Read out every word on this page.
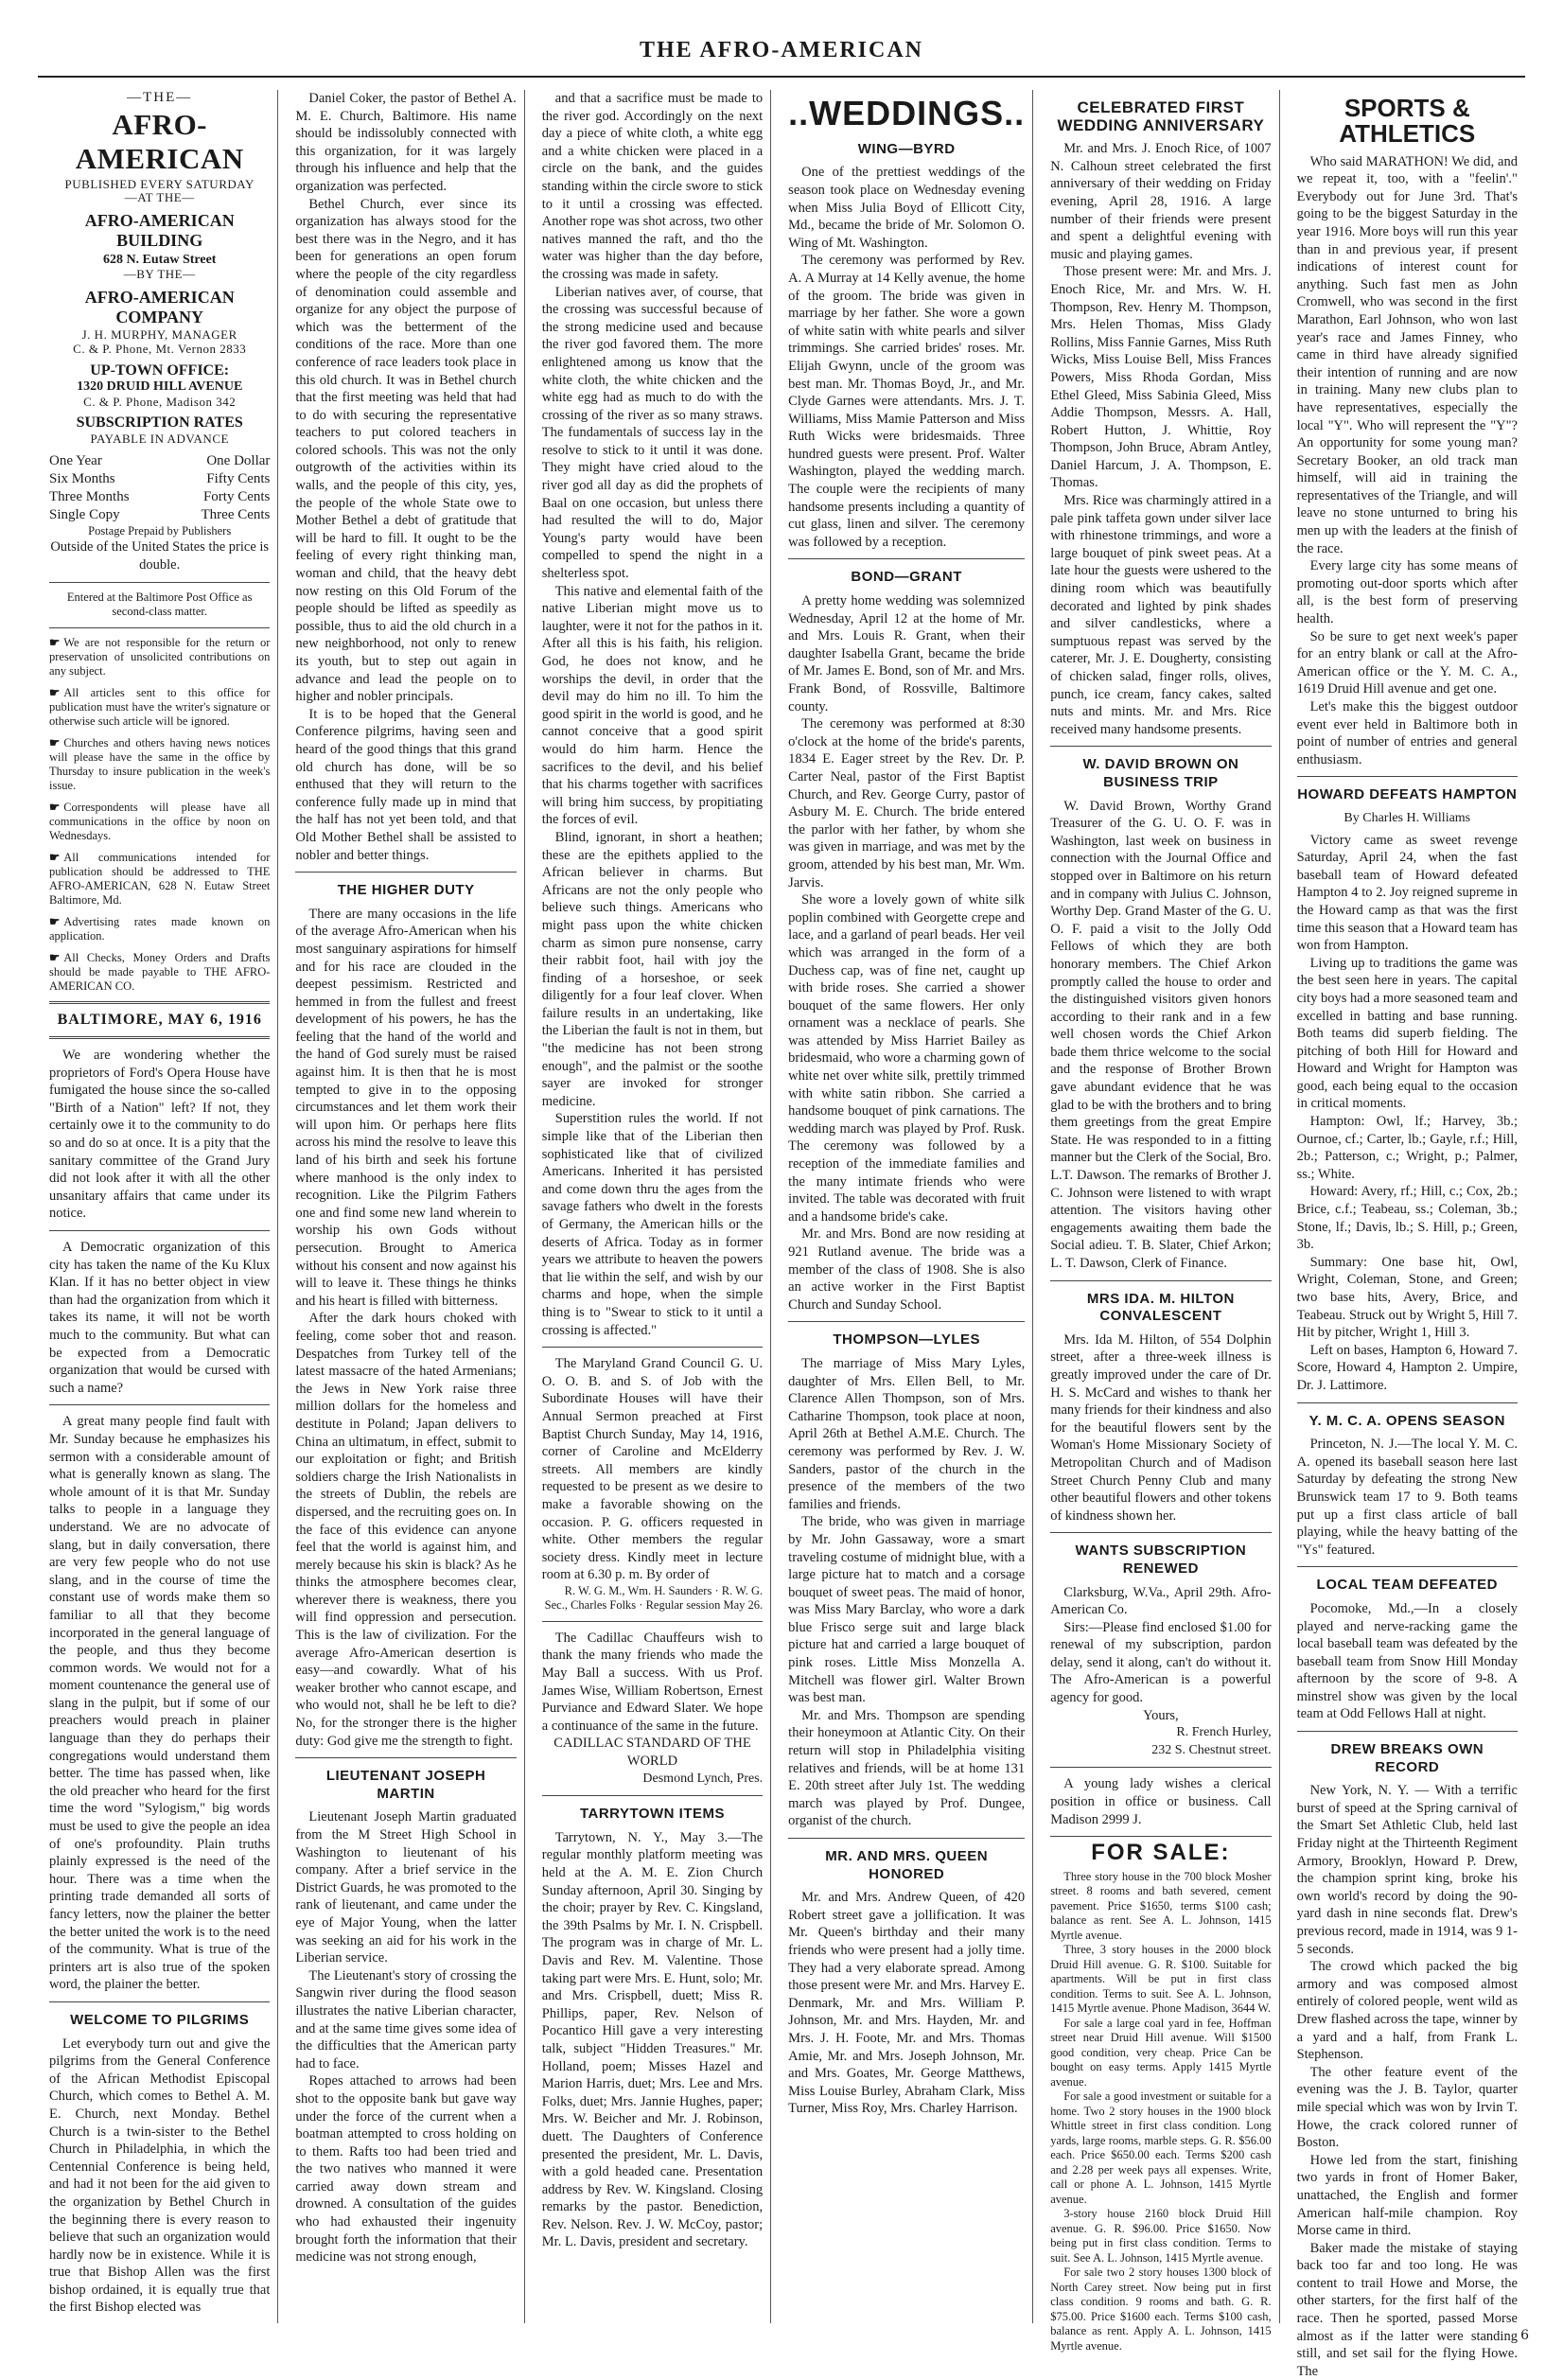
THE AFRO-AMERICAN
—THE—
AFRO-AMERICAN
PUBLISHED EVERY SATURDAY
—AT THE—
AFRO-AMERICAN BUILDING
628 N. Eutaw Street
—BY THE—
AFRO-AMERICAN COMPANY
J. H. MURPHY, MANAGER
C. & P. Phone, Mt. Vernon 2833
UP-TOWN OFFICE:
1320 DRUID HILL AVENUE
C. & P. Phone, Madison 342
SUBSCRIPTION RATES
PAYABLE IN ADVANCE
One Year	One Dollar
Six Months	Fifty Cents
Three Months	Forty Cents
Single Copy	Three Cents

Postage Prepaid by Publishers

Outside of the United States the price is double.

Entered at the Baltimore Post Office as second-class matter.

☛ We are not responsible for the return or preservation of unsolicited contributions on any subject.

☛ All articles sent to this office for publication must have the writer's signature or otherwise such article will be ignored.

☛ Churches and others having news notices will please have the same in the office by Thursday to insure publication in the week's issue.

☛ Correspondents will please have all communications in the office by noon on Wednesdays.

☛ All communications intended for publication should be addressed to THE AFRO-AMERICAN, 628 N. Eutaw Street Baltimore, Md.

☛ Advertising rates made known on application.

☛ All Checks, Money Orders and Drafts should be made payable to THE AFRO-AMERICAN CO.

BALTIMORE, MAY 6, 1916

We are wondering whether the proprietors of Ford's Opera House have fumigated the house since the so-called "Birth of a Nation" left? If not, they certainly owe it to the community to do so and do so at once. It is a pity that the sanitary committee of the Grand Jury did not look after it with all the other unsanitary affairs that came under its notice.

A Democratic organization of this city has taken the name of the Ku Klux Klan. If it has no better object in view than had the organization from which it takes its name, it will not be worth much to the community. But what can be expected from a Democratic organization that would be cursed with such a name?

A great many people find fault with Mr. Sunday because he emphasizes his sermon with a considerable amount of what is generally known as slang. The whole amount of it is that Mr. Sunday talks to people in a language they understand. We are no advocate of slang, but in daily conversation, there are very few people who do not use slang, and in the course of time the constant use of words make them so familiar to all that they become incorporated in the general language of the people, and thus they become common words. We would not for a moment countenance the general use of slang in the pulpit, but if some of our preachers would preach in plainer language than they do perhaps their congregations would understand them better. The time has passed when, like the old preacher who heard for the first time the word "Sylogism," big words must be used to give the people an idea of one's profoundity. Plain truths plainly expressed is the need of the hour. There was a time when the printing trade demanded all sorts of fancy letters, now the plainer the better the better united the work is to the need of the community. What is true of the printers art is also true of the spoken word, the plainer the better.

WELCOME TO PILGRIMS

Let everybody turn out and give the pilgrims from the General Conference of the African Methodist Episcopal Church, which comes to Bethel A. M. E. Church, next Monday. Bethel Church is a twin-sister to the Bethel Church in Philadelphia, in which the Centennial Conference is being held, and had it not been for the aid given to the organization by Bethel Church in the beginning there is every reason to believe that such an organization would hardly now be in existence. While it is true that Bishop Allen was the first bishop ordained, it is equally true that the first Bishop elected was

Daniel Coker, the pastor of Bethel A. M. E. Church, Baltimore. His name should be indissolubly connected with this organization, for it was largely through his influence and help that the organization was perfected.

Bethel Church, ever since its organization has always stood for the best there was in the Negro, and it has been for generations an open forum where the people of the city regardless of denomination could assemble and organize for any object the purpose of which was the betterment of the conditions of the race. More than one conference of race leaders took place in this old church. It was in Bethel church that the first meeting was held that had to do with securing the representative teachers to put colored teachers in colored schools. This was not the only outgrowth of the activities within its walls, and the people of this city, yes, the people of the whole State owe to Mother Bethel a debt of gratitude that will be hard to fill. It ought to be the feeling of every right thinking man, woman and child, that the heavy debt now resting on this Old Forum of the people should be lifted as speedily as possible, thus to aid the old church in a new neighborhood, not only to renew its youth, but to step out again in advance and lead the people on to higher and nobler principals.

It is to be hoped that the General Conference pilgrims, having seen and heard of the good things that this grand old church has done, will be so enthused that they will return to the conference fully made up in mind that the half has not yet been told, and that Old Mother Bethel shall be assisted to nobler and better things.

THE HIGHER DUTY

There are many occasions in the life of the average Afro-American when his most sanguinary aspirations for himself and for his race are clouded in the deepest pessimism. Restricted and hemmed in from the fullest and freest development of his powers, he has the feeling that the hand of the world and the hand of God surely must be raised against him. It is then that he is most tempted to give in to the opposing circumstances and let them work their will upon him. Or perhaps here flits across his mind the resolve to leave this land of his birth and seek his fortune where manhood is the only index to recognition. Like the Pilgrim Fathers one and find some new land wherein to worship his own Gods without persecution. Brought to America without his consent and now against his will to leave it. These things he thinks and his heart is filled with bitterness.

After the dark hours choked with feeling, come sober thot and reason. Despatches from Turkey tell of the latest massacre of the hated Armenians; the Jews in New York raise three million dollars for the homeless and destitute in Poland; Japan delivers to China an ultimatum, in effect, submit to our exploitation or fight; and British soldiers charge the Irish Nationalists in the streets of Dublin, the rebels are dispersed, and the recruiting goes on. In the face of this evidence can anyone feel that the world is against him, and merely because his skin is black? As he thinks the atmosphere becomes clear, wherever there is weakness, there you will find oppression and persecution. This is the law of civilization. For the average Afro-American desertion is easy—and cowardly. What of his weaker brother who cannot escape, and who would not, shall he be left to die? No, for the stronger there is the higher duty: God give me the strength to fight.

LIEUTENANT JOSEPH MARTIN

Lieutenant Joseph Martin graduated from the M Street High School in Washington to lieutenant of his company. After a brief service in the District Guards, he was promoted to the rank of lieutenant, and came under the eye of Major Young, when the latter was seeking an aid for his work in the Liberian service.

The Lieutenant's story of crossing the Sangwin river during the flood season illustrates the native Liberian character, and at the same time gives some idea of the difficulties that the American party had to face.

Ropes attached to arrows had been shot to the opposite bank but gave way under the force of the current when a boatman attempted to cross holding on to them. Rafts too had been tried and the two natives who manned it were carried away down stream and drowned. A consultation of the guides who had exhausted their ingenuity brought forth the information that their medicine was not strong enough,

and that a sacrifice must be made to the river god. Accordingly on the next day a piece of white cloth, a white egg and a white chicken were placed in a circle on the bank, and the guides standing within the circle swore to stick to it until a crossing was effected. Another rope was shot across, two other natives manned the raft, and tho the water was higher than the day before, the crossing was made in safety.

Liberian natives aver, of course, that the crossing was successful because of the strong medicine used and because the river god favored them. The more enlightened among us know that the white cloth, the white chicken and the white egg had as much to do with the crossing of the river as so many straws. The fundamentals of success lay in the resolve to stick to it until it was done. They might have cried aloud to the river god all day as did the prophets of Baal on one occasion, but unless there had resulted the will to do, Major Young's party would have been compelled to spend the night in a shelterless spot.

This native and elemental faith of the native Liberian might move us to laughter, were it not for the pathos in it. After all this is his faith, his religion. God, he does not know, and he worships the devil, in order that the devil may do him no ill. To him the good spirit in the world is good, and he cannot conceive that a good spirit would do him harm. Hence the sacrifices to the devil, and his belief that his charms together with sacrifices will bring him success, by propitiating the forces of evil.

Blind, ignorant, in short a heathen; these are the epithets applied to the African believer in charms. But Africans are not the only people who believe such things. Americans who might pass upon the white chicken charm as simon pure nonsense, carry their rabbit foot, hail with joy the finding of a horseshoe, or seek diligently for a four leaf clover. When failure results in an undertaking, like the Liberian the fault is not in them, but "the medicine has not been strong enough", and the palmist or the soothe sayer are invoked for stronger medicine.

Superstition rules the world. If not simple like that of the Liberian then sophisticated like that of civilized Americans. Inherited it has persisted and come down thru the ages from the savage fathers who dwelt in the forests of Germany, the American hills or the deserts of Africa. Today as in former years we attribute to heaven the powers that lie within the self, and wish by our charms and hope, when the simple thing is to "Swear to stick to it until a crossing is affected."

The Maryland Grand Council G. U. O. O. B. and S. of Job with the Subordinate Houses will have their Annual Sermon preached at First Baptist Church Sunday, May 14, 1916, corner of Caroline and McElderry streets. All members are kindly requested to be present as we desire to make a favorable showing on the occasion. P. G. officers requested in white. Other members the regular society dress. Kindly meet in lecture room at 6.30 p. m. By order of

R. W. G. M., Wm. H. Saunders · R. W. G. Sec., Charles Folks · Regular session May 26.

The Cadillac Chauffeurs wish to thank the many friends who made the May Ball a success. With us Prof. James Wise, William Robertson, Ernest Purviance and Edward Slater. We hope a continuance of the same in the future.

CADILLAC STANDARD OF THE WORLD

Desmond Lynch, Pres.

TARRYTOWN ITEMS

Tarrytown, N. Y., May 3.—The regular monthly platform meeting was held at the A. M. E. Zion Church Sunday afternoon, April 30. Singing by the choir; prayer by Rev. C. Kingsland, the 39th Psalms by Mr. I. N. Crispbell. The program was in charge of Mr. L. Davis and Rev. M. Valentine. Those taking part were Mrs. E. Hunt, solo; Mr. and Mrs. Crispbell, duett; Miss R. Phillips, paper, Rev. Nelson of Pocantico Hill gave a very interesting talk, subject "Hidden Treasures." Mr. Holland, poem; Misses Hazel and Marion Harris, duet; Mrs. Lee and Mrs. Folks, duet; Mrs. Jannie Hughes, paper; Mrs. W. Beicher and Mr. J. Robinson, duett. The Daughters of Conference presented the president, Mr. L. Davis, with a gold headed cane. Presentation address by Rev. W. Kingsland. Closing remarks by the pastor. Benediction, Rev. Nelson. Rev. J. W. McCoy, pastor; Mr. L. Davis, president and secretary.

..WEDDINGS..
WING—BYRD

One of the prettiest weddings of the season took place on Wednesday evening when Miss Julia Boyd of Ellicott City, Md., became the bride of Mr. Solomon O. Wing of Mt. Washington.

The ceremony was performed by Rev. A. A Murray at 14 Kelly avenue, the home of the groom. The bride was given in marriage by her father. She wore a gown of white satin with white pearls and silver trimmings. She carried brides' roses. Mr. Elijah Gwynn, uncle of the groom was best man. Mr. Thomas Boyd, Jr., and Mr. Clyde Garnes were attendants. Mrs. J. T. Williams, Miss Mamie Patterson and Miss Ruth Wicks were bridesmaids. Three hundred guests were present. Prof. Walter Washington, played the wedding march. The couple were the recipients of many handsome presents including a quantity of cut glass, linen and silver. The ceremony was followed by a reception.

BOND—GRANT

A pretty home wedding was solemnized Wednesday, April 12 at the home of Mr. and Mrs. Louis R. Grant, when their daughter Isabella Grant, became the bride of Mr. James E. Bond, son of Mr. and Mrs. Frank Bond, of Rossville, Baltimore county.

The ceremony was performed at 8:30 o'clock at the home of the bride's parents, 1834 E. Eager street by the Rev. Dr. P. Carter Neal, pastor of the First Baptist Church, and Rev. George Curry, pastor of Asbury M. E. Church. The bride entered the parlor with her father, by whom she was given in marriage, and was met by the groom, attended by his best man, Mr. Wm. Jarvis.

She wore a lovely gown of white silk poplin combined with Georgette crepe and lace, and a garland of pearl beads. Her veil which was arranged in the form of a Duchess cap, was of fine net, caught up with bride roses. She carried a shower bouquet of the same flowers. Her only ornament was a necklace of pearls. She was attended by Miss Harriet Bailey as bridesmaid, who wore a charming gown of white net over white silk, prettily trimmed with white satin ribbon. She carried a handsome bouquet of pink carnations. The wedding march was played by Prof. Rusk. The ceremony was followed by a reception of the immediate families and the many intimate friends who were invited. The table was decorated with fruit and a handsome bride's cake.

Mr. and Mrs. Bond are now residing at 921 Rutland avenue. The bride was a member of the class of 1908. She is also an active worker in the First Baptist Church and Sunday School.

THOMPSON—LYLES

The marriage of Miss Mary Lyles, daughter of Mrs. Ellen Bell, to Mr. Clarence Allen Thompson, son of Mrs. Catharine Thompson, took place at noon, April 26th at Bethel A.M.E. Church. The ceremony was performed by Rev. J. W. Sanders, pastor of the church in the presence of the members of the two families and friends.

The bride, who was given in marriage by Mr. John Gassaway, wore a smart traveling costume of midnight blue, with a large picture hat to match and a corsage bouquet of sweet peas. The maid of honor, was Miss Mary Barclay, who wore a dark blue Frisco serge suit and large black picture hat and carried a large bouquet of pink roses. Little Miss Monzella A. Mitchell was flower girl. Walter Brown was best man.

Mr. and Mrs. Thompson are spending their honeymoon at Atlantic City. On their return will stop in Philadelphia visiting relatives and friends, will be at home 131 E. 20th street after July 1st. The wedding march was played by Prof. Dungee, organist of the church.

MR. AND MRS. QUEEN HONORED

Mr. and Mrs. Andrew Queen, of 420 Robert street gave a jollification. It was Mr. Queen's birthday and their many friends who were present had a jolly time. They had a very elaborate spread. Among those present were Mr. and Mrs. Harvey E. Denmark, Mr. and Mrs. William P. Johnson, Mr. and Mrs. Hayden, Mr. and Mrs. J. H. Foote, Mr. and Mrs. Thomas Amie, Mr. and Mrs. Joseph Johnson, Mr. and Mrs. Goates, Mr. George Matthews, Miss Louise Burley, Abraham Clark, Miss Turner, Miss Roy, Mrs. Charley Harrison.

CELEBRATED FIRST WEDDING ANNIVERSARY

Mr. and Mrs. J. Enoch Rice, of 1007 N. Calhoun street celebrated the first anniversary of their wedding on Friday evening, April 28, 1916. A large number of their friends were present and spent a delightful evening with music and playing games.

Those present were: Mr. and Mrs. J. Enoch Rice, Mr. and Mrs. W. H. Thompson, Rev. Henry M. Thompson, Mrs. Helen Thomas, Miss Glady Rollins, Miss Fannie Garnes, Miss Ruth Wicks, Miss Louise Bell, Miss Frances Powers, Miss Rhoda Gordan, Miss Ethel Gleed, Miss Sabinia Gleed, Miss Addie Thompson, Messrs. A. Hall, Robert Hutton, J. Whittie, Roy Thompson, John Bruce, Abram Antley, Daniel Harcum, J. A. Thompson, E. Thomas.

Mrs. Rice was charmingly attired in a pale pink taffeta gown under silver lace with rhinestone trimmings, and wore a large bouquet of pink sweet peas. At a late hour the guests were ushered to the dining room which was beautifully decorated and lighted by pink shades and silver candlesticks, where a sumptuous repast was served by the caterer, Mr. J. E. Dougherty, consisting of chicken salad, finger rolls, olives, punch, ice cream, fancy cakes, salted nuts and mints. Mr. and Mrs. Rice received many handsome presents.

W. DAVID BROWN ON BUSINESS TRIP

W. David Brown, Worthy Grand Treasurer of the G. U. O. F. was in Washington, last week on business in connection with the Journal Office and stopped over in Baltimore on his return and in company with Julius C. Johnson, Worthy Dep. Grand Master of the G. U. O. F. paid a visit to the Jolly Odd Fellows of which they are both honorary members. The Chief Arkon promptly called the house to order and the distinguished visitors given honors according to their rank and in a few well chosen words the Chief Arkon bade them thrice welcome to the social and the response of Brother Brown gave abundant evidence that he was glad to be with the brothers and to bring them greetings from the great Empire State. He was responded to in a fitting manner but the Clerk of the Social, Bro. L.T. Dawson. The remarks of Brother J. C. Johnson were listened to with wrapt attention. The visitors having other engagements awaiting them bade the Social adieu. T. B. Slater, Chief Arkon; L. T. Dawson, Clerk of Finance.

MRS IDA. M. HILTON CONVALESCENT

Mrs. Ida M. Hilton, of 554 Dolphin street, after a three-week illness is greatly improved under the care of Dr. H. S. McCard and wishes to thank her many friends for their kindness and also for the beautiful flowers sent by the Woman's Home Missionary Society of Metropolitan Church and of Madison Street Church Penny Club and many other beautiful flowers and other tokens of kindness shown her.

WANTS SUBSCRIPTION RENEWED

Clarksburg, W.Va., April 29th. Afro-American Co.

Sirs:—Please find enclosed $1.00 for renewal of my subscription, pardon delay, send it along, can't do without it. The Afro-American is a powerful agency for good.

Yours,

R. French Hurley,

232 S. Chestnut street.

A young lady wishes a clerical position in office or business. Call Madison 2999 J.

FOR SALE:

Three story house in the 700 block Mosher street. 8 rooms and bath severed, cement pavement. Price $1650, terms $100 cash; balance as rent. See A. L. Johnson, 1415 Myrtle avenue.

Three, 3 story houses in the 2000 block Druid Hill avenue. G. R. $100. Suitable for apartments. Will be put in first class condition. Terms to suit. See A. L. Johnson, 1415 Myrtle avenue. Phone Madison, 3644 W.

For sale a large coal yard in fee, Hoffman street near Druid Hill avenue. Will $1500 good condition, very cheap. Price Can be bought on easy terms. Apply 1415 Myrtle avenue.

For sale a good investment or suitable for a home. Two 2 story houses in the 1900 block Whittle street in first class condition. Long yards, large rooms, marble steps. G. R. $56.00 each. Price $650.00 each. Terms $200 cash and 2.28 per week pays all expenses. Write, call or phone A. L. Johnson, 1415 Myrtle avenue.

3-story house 2160 block Druid Hill avenue. G. R. $96.00. Price $1650. Now being put in first class condition. Terms to suit. See A. L. Johnson, 1415 Myrtle avenue.

For sale two 2 story houses 1300 block of North Carey street. Now being put in first class condition. 9 rooms and bath. G. R. $75.00. Price $1600 each. Terms $100 cash, balance as rent. Apply A. L. Johnson, 1415 Myrtle avenue.

SPORTS & ATHLETICS

Who said MARATHON! We did, and we repeat it, too, with a "feelin'." Everybody out for June 3rd. That's going to be the biggest Saturday in the year 1916. More boys will run this year than in and previous year, if present indications of interest count for anything. Such fast men as John Cromwell, who was second in the first Marathon, Earl Johnson, who won last year's race and James Finney, who came in third have already signified their intention of running and are now in training. Many new clubs plan to have representatives, especially the local "Y". Who will represent the "Y"? An opportunity for some young man? Secretary Booker, an old track man himself, will aid in training the representatives of the Triangle, and will leave no stone unturned to bring his men up with the leaders at the finish of the race.

Every large city has some means of promoting out-door sports which after all, is the best form of preserving health.

So be sure to get next week's paper for an entry blank or call at the Afro-American office or the Y. M. C. A., 1619 Druid Hill avenue and get one.

Let's make this the biggest outdoor event ever held in Baltimore both in point of number of entries and general enthusiasm.

HOWARD DEFEATS HAMPTON
By Charles H. Williams

Victory came as sweet revenge Saturday, April 24, when the fast baseball team of Howard defeated Hampton 4 to 2. Joy reigned supreme in the Howard camp as that was the first time this season that a Howard team has won from Hampton.

Living up to traditions the game was the best seen here in years. The capital city boys had a more seasoned team and excelled in batting and base running. Both teams did superb fielding. The pitching of both Hill for Howard and Howard and Wright for Hampton was good, each being equal to the occasion in critical moments.

Hampton: Owl, lf.; Harvey, 3b.; Ournoe, cf.; Carter, lb.; Gayle, r.f.; Hill, 2b.; Patterson, c.; Wright, p.; Palmer, ss.; White.

Howard: Avery, rf.; Hill, c.; Cox, 2b.; Brice, c.f.; Teabeau, ss.; Coleman, 3b.; Stone, lf.; Davis, lb.; S. Hill, p.; Green, 3b.

Summary: One base hit, Owl, Wright, Coleman, Stone, and Green; two base hits, Avery, Brice, and Teabeau. Struck out by Wright 5, Hill 7. Hit by pitcher, Wright 1, Hill 3.

Left on bases, Hampton 6, Howard 7. Score, Howard 4, Hampton 2. Umpire, Dr. J. Lattimore.

Y. M. C. A. OPENS SEASON

Princeton, N. J.—The local Y. M. C. A. opened its baseball season here last Saturday by defeating the strong New Brunswick team 17 to 9. Both teams put up a first class article of ball playing, while the heavy batting of the "Ys" featured.

LOCAL TEAM DEFEATED

Pocomoke, Md.,—In a closely played and nerve-racking game the local baseball team was defeated by the baseball team from Snow Hill Monday afternoon by the score of 9-8. A minstrel show was given by the local team at Odd Fellows Hall at night.

DREW BREAKS OWN RECORD

New York, N. Y. — With a terrific burst of speed at the Spring carnival of the Smart Set Athletic Club, held last Friday night at the Thirteenth Regiment Armory, Brooklyn, Howard P. Drew, the champion sprint king, broke his own world's record by doing the 90-yard dash in nine seconds flat. Drew's previous record, made in 1914, was 9 1-5 seconds.

The crowd which packed the big armory and was composed almost entirely of colored people, went wild as Drew flashed across the tape, winner by a yard and a half, from Frank L. Stephenson.

The other feature event of the evening was the J. B. Taylor, quarter mile special which was won by Irvin T. Howe, the crack colored runner of Boston.

Howe led from the start, finishing two yards in front of Homer Baker, unattached, the English and former American half-mile champion. Roy Morse came in third.

Baker made the mistake of staying back too far and too long. He was content to trail Howe and Morse, the other starters, for the first half of the race. Then he sported, passed Morse almost as if the latter were standing still, and set sail for the flying Howe. The

6
